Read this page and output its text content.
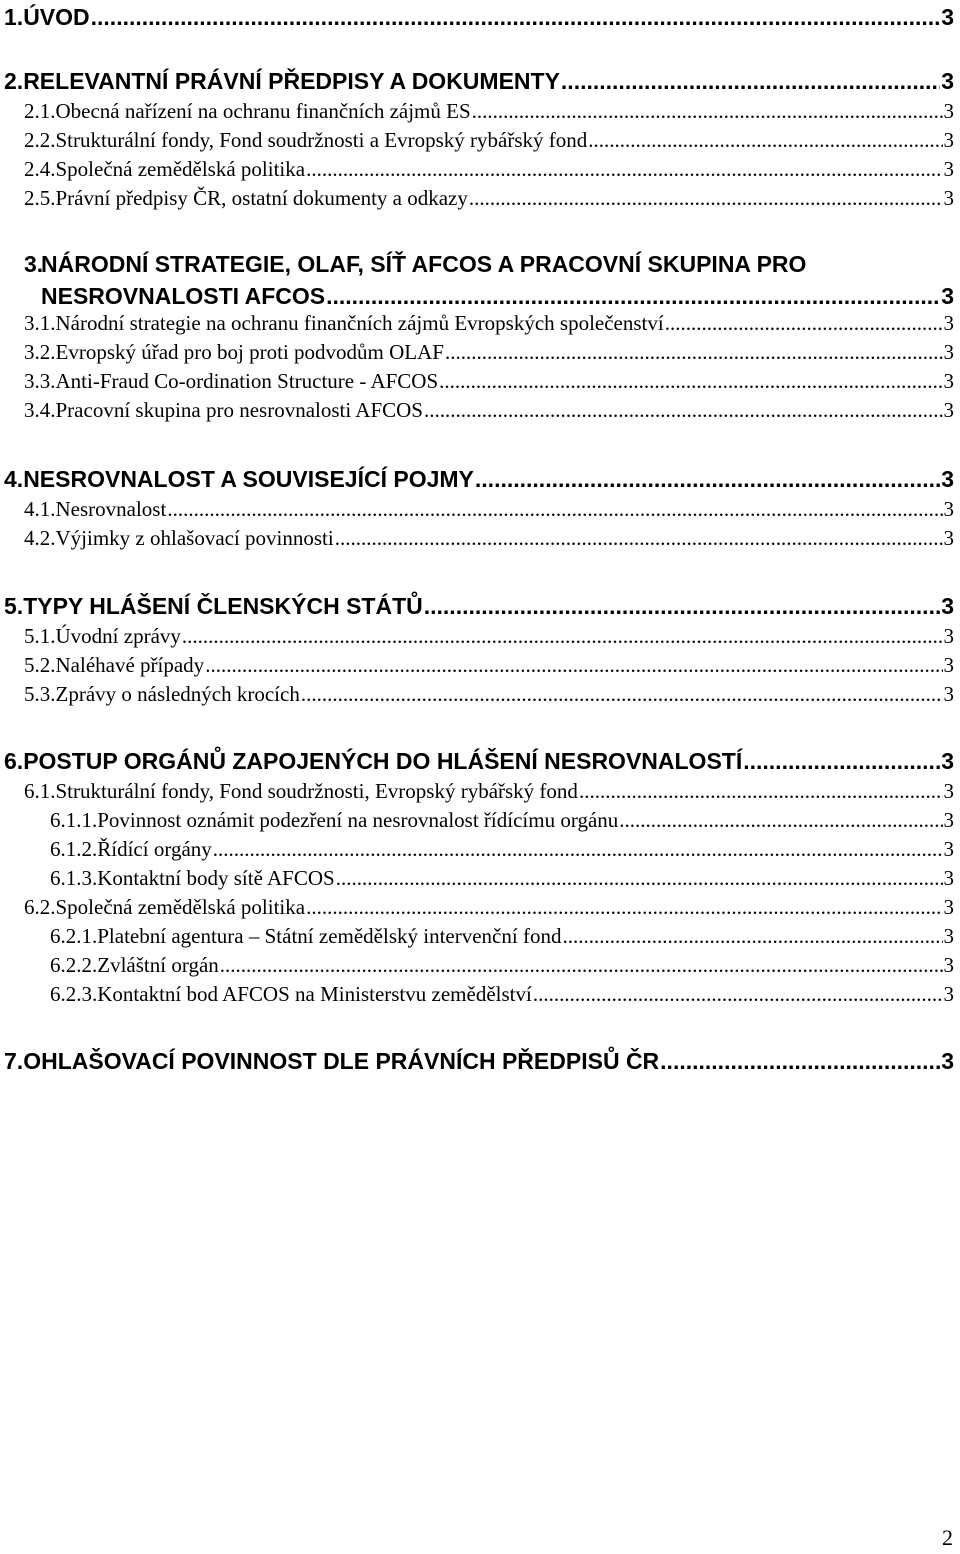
1. ÚVOD .....	3
2. RELEVANTNÍ PRÁVNÍ PŘEDPISY A DOKUMENTY .....	3
2.1. Obecná nařízení na ochranu finančních zájmů ES .....	3
2.2. Strukturální fondy, Fond soudržnosti a Evropský rybářský fond .....	3
2.4. Společná zemědělská politika .....	3
2.5. Právní předpisy ČR, ostatní dokumenty a odkazy .....	3
3.NÁRODNÍ STRATEGIE, OLAF, SÍŤ AFCOS A PRACOVNÍ SKUPINA PRO
NESROVNALOSTI AFCOS .....	3
3.1. Národní strategie na ochranu finančních zájmů Evropských společenství .....	3
3.2. Evropský úřad pro boj proti podvodům OLAF .....	3
3.3. Anti-Fraud Co-ordination Structure - AFCOS .....	3
3.4. Pracovní skupina pro nesrovnalosti AFCOS .....	3
4. NESROVNALOST A SOUVISEJÍCÍ POJMY .....	3
4.1. Nesrovnalost .....	3
4.2. Výjimky z ohlašovací povinnosti .....	3
5. TYPY HLÁŠENÍ ČLENSKÝCH STÁTŮ .....	3
5.1. Úvodní zprávy .....	3
5.2. Naléhavé případy .....	3
5.3. Zprávy o následných krocích .....	3
6. POSTUP ORGÁNŮ ZAPOJENÝCH DO HLÁŠENÍ NESROVNALOSTÍ .....	3
6.1. Strukturální fondy, Fond soudržnosti, Evropský rybářský fond .....	3
6.1.1. Povinnost oznámit podezření na nesrovnalost řídícímu orgánu .....	3
6.1.2. Řídící orgány .....	3
6.1.3. Kontaktní body sítě AFCOS .....	3
6.2. Společná zemědělská politika .....	3
6.2.1. Platební agentura – Státní zemědělský intervenční fond .....	3
6.2.2. Zvláštní orgán .....	3
6.2.3. Kontaktní bod AFCOS na Ministerstvu zemědělství .....	3
7. OHLAŠOVACÍ POVINNOST DLE PRÁVNÍCH PŘEDPISŮ ČR .....	3
2
